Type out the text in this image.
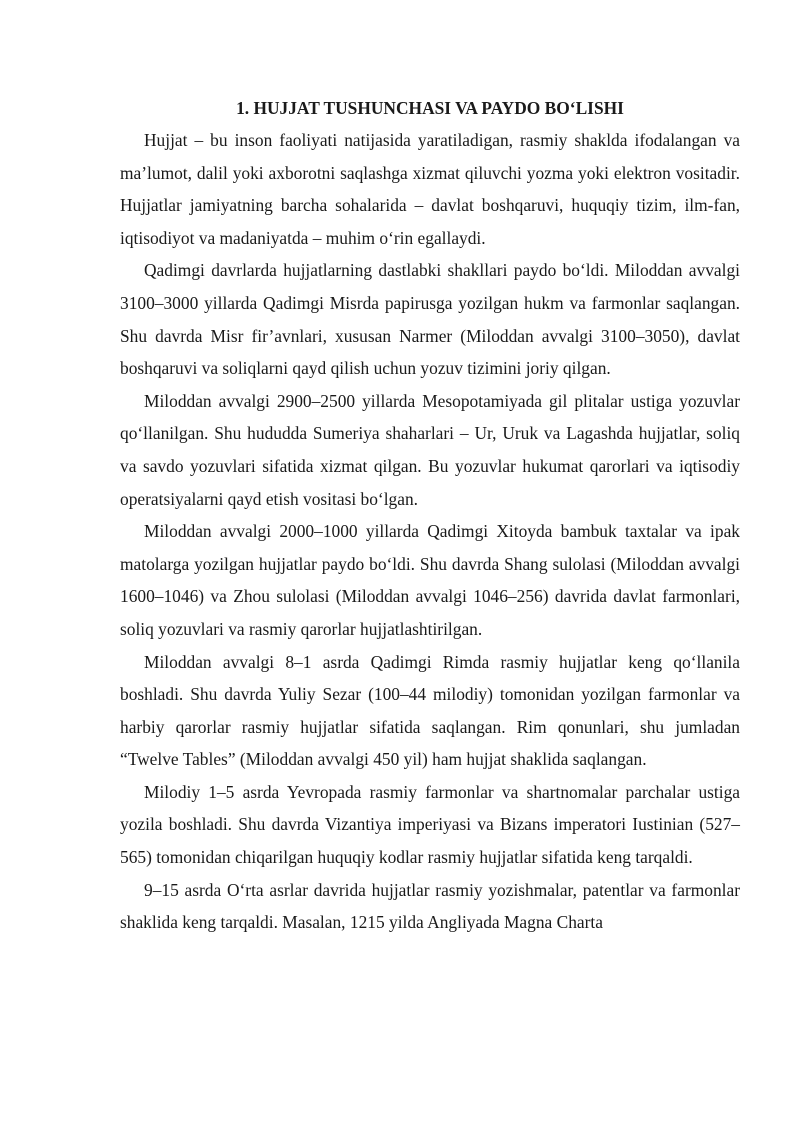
1. HUJJAT TUSHUNCHASI VA PAYDO BO‘LISHI

Hujjat – bu inson faoliyati natijasida yaratiladigan, rasmiy shaklda ifodalangan va ma’lumot, dalil yoki axborotni saqlashga xizmat qiluvchi yozma yoki elektron vositadir. Hujjatlar jamiyatning barcha sohalarida – davlat boshqaruvi, huquqiy tizim, ilm-fan, iqtisodiyot va madaniyatda – muhim o‘rin egallaydi.

Qadimgi davrlarda hujjatlarning dastlabki shakllari paydo bo‘ldi. Miloddan avvalgi 3100–3000 yillarda Qadimgi Misrda papirusga yozilgan hukm va farmonlar saqlangan. Shu davrda Misr fir’avnlari, xususan Narmer (Miloddan avvalgi 3100–3050), davlat boshqaruvi va soliqlarni qayd qilish uchun yozuv tizimini joriy qilgan.

Miloddan avvalgi 2900–2500 yillarda Mesopotamiyada gil plitalar ustiga yozuvlar qo‘llanilgan. Shu hududda Sumeriya shaharlari – Ur, Uruk va Lagashda hujjatlar, soliq va savdo yozuvlari sifatida xizmat qilgan. Bu yozuvlar hukumat qarorlari va iqtisodiy operatsiyalarni qayd etish vositasi bo‘lgan.

Miloddan avvalgi 2000–1000 yillarda Qadimgi Xitoyda bambuk taxtalar va ipak matolarga yozilgan hujjatlar paydo bo‘ldi. Shu davrda Shang sulolasi (Miloddan avvalgi 1600–1046) va Zhou sulolasi (Miloddan avvalgi 1046–256) davrida davlat farmonlari, soliq yozuvlari va rasmiy qarorlar hujjatlashtirilgan.

Miloddan avvalgi 8–1 asrda Qadimgi Rimda rasmiy hujjatlar keng qo‘llanila boshladi. Shu davrda Yuliy Sezar (100–44 milodiy) tomonidan yozilgan farmonlar va harbiy qarorlar rasmiy hujjatlar sifatida saqlangan. Rim qonunlari, shu jumladan “Twelve Tables” (Miloddan avvalgi 450 yil) ham hujjat shaklida saqlangan.

Milodiy 1–5 asrda Yevropada rasmiy farmonlar va shartnomalar parchalar ustiga yozila boshladi. Shu davrda Vizantiya imperiyasi va Bizans imperatori Iustinian (527–565) tomonidan chiqarilgan huquqiy kodlar rasmiy hujjatlar sifatida keng tarqaldi.

9–15 asrda O‘rta asrlar davrida hujjatlar rasmiy yozishmalar, patentlar va farmonlar shaklida keng tarqaldi. Masalan, 1215 yilda Angliyada Magna Charta
